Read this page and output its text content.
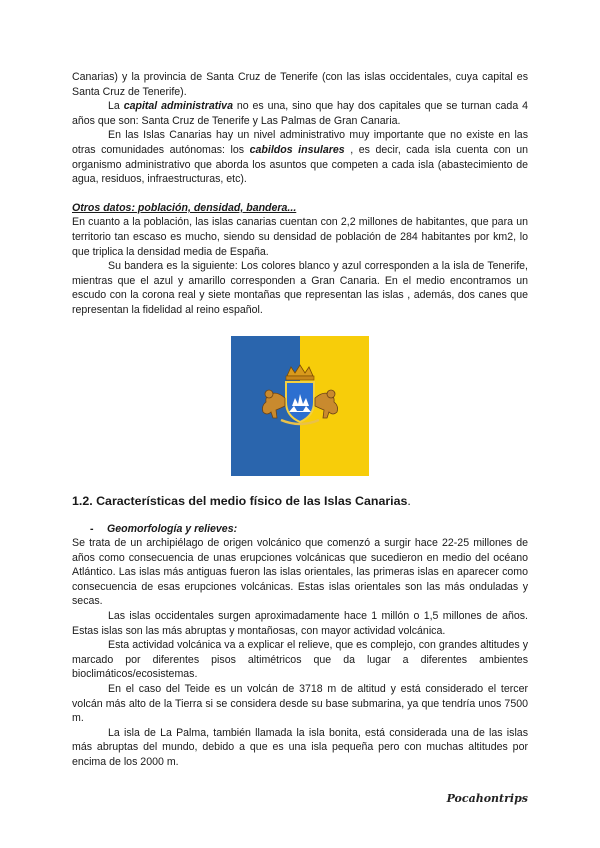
Canarias) y la provincia de Santa Cruz de Tenerife (con las islas occidentales, cuya capital es Santa Cruz de Tenerife).

La capital administrativa no es una, sino que hay dos capitales que se turnan cada 4 años que son: Santa Cruz de Tenerife y Las Palmas de Gran Canaria.

En las Islas Canarias hay un nivel administrativo muy importante que no existe en las otras comunidades autónomas: los cabildos insulares , es decir, cada isla cuenta con un organismo administrativo que aborda los asuntos que competen a cada isla (abastecimiento de agua, residuos, infraestructuras, etc).

Otros datos: población, densidad, bandera...

En cuanto a la población, las islas canarias cuentan con 2,2 millones de habitantes, que para un territorio tan escaso es mucho, siendo su densidad de población de 284 habitantes por km2, lo que triplica la densidad media de España.

Su bandera es la siguiente: Los colores blanco y azul corresponden a la isla de Tenerife, mientras que el azul y amarillo corresponden a Gran Canaria. En el medio encontramos un escudo con la corona real y siete montañas que representan las islas , además, dos canes que representan la fidelidad al reino español.

1.2. Características del medio físico de las Islas Canarias.

- Geomorfología y relieves:

Se trata de un archipiélago de origen volcánico que comenzó a surgir hace 22-25 millones de años como consecuencia de unas erupciones volcánicas que sucedieron en medio del océano Atlántico. Las islas más antiguas fueron las islas orientales, las primeras islas en aparecer como consecuencia de esas erupciones volcánicas. Estas islas orientales son las más onduladas y secas.

Las islas occidentales surgen aproximadamente hace 1 millón o 1,5 millones de años. Estas islas son las más abruptas y montañosas, con mayor actividad volcánica.

Esta actividad volcánica va a explicar el relieve, que es complejo, con grandes altitudes y marcado por diferentes pisos altimétricos que da lugar a diferentes ambientes bioclimáticos/ecosistemas.

En el caso del Teide es un volcán de 3718 m de altitud y está considerado el tercer volcán más alto de la Tierra si se considera desde su base submarina, ya que tendría unos 7500 m.

La isla de La Palma, también llamada la isla bonita, está considerada una de las islas más abruptas del mundo, debido a que es una isla pequeña pero con muchas altitudes por encima de los 2000 m.

Pocahontrips
